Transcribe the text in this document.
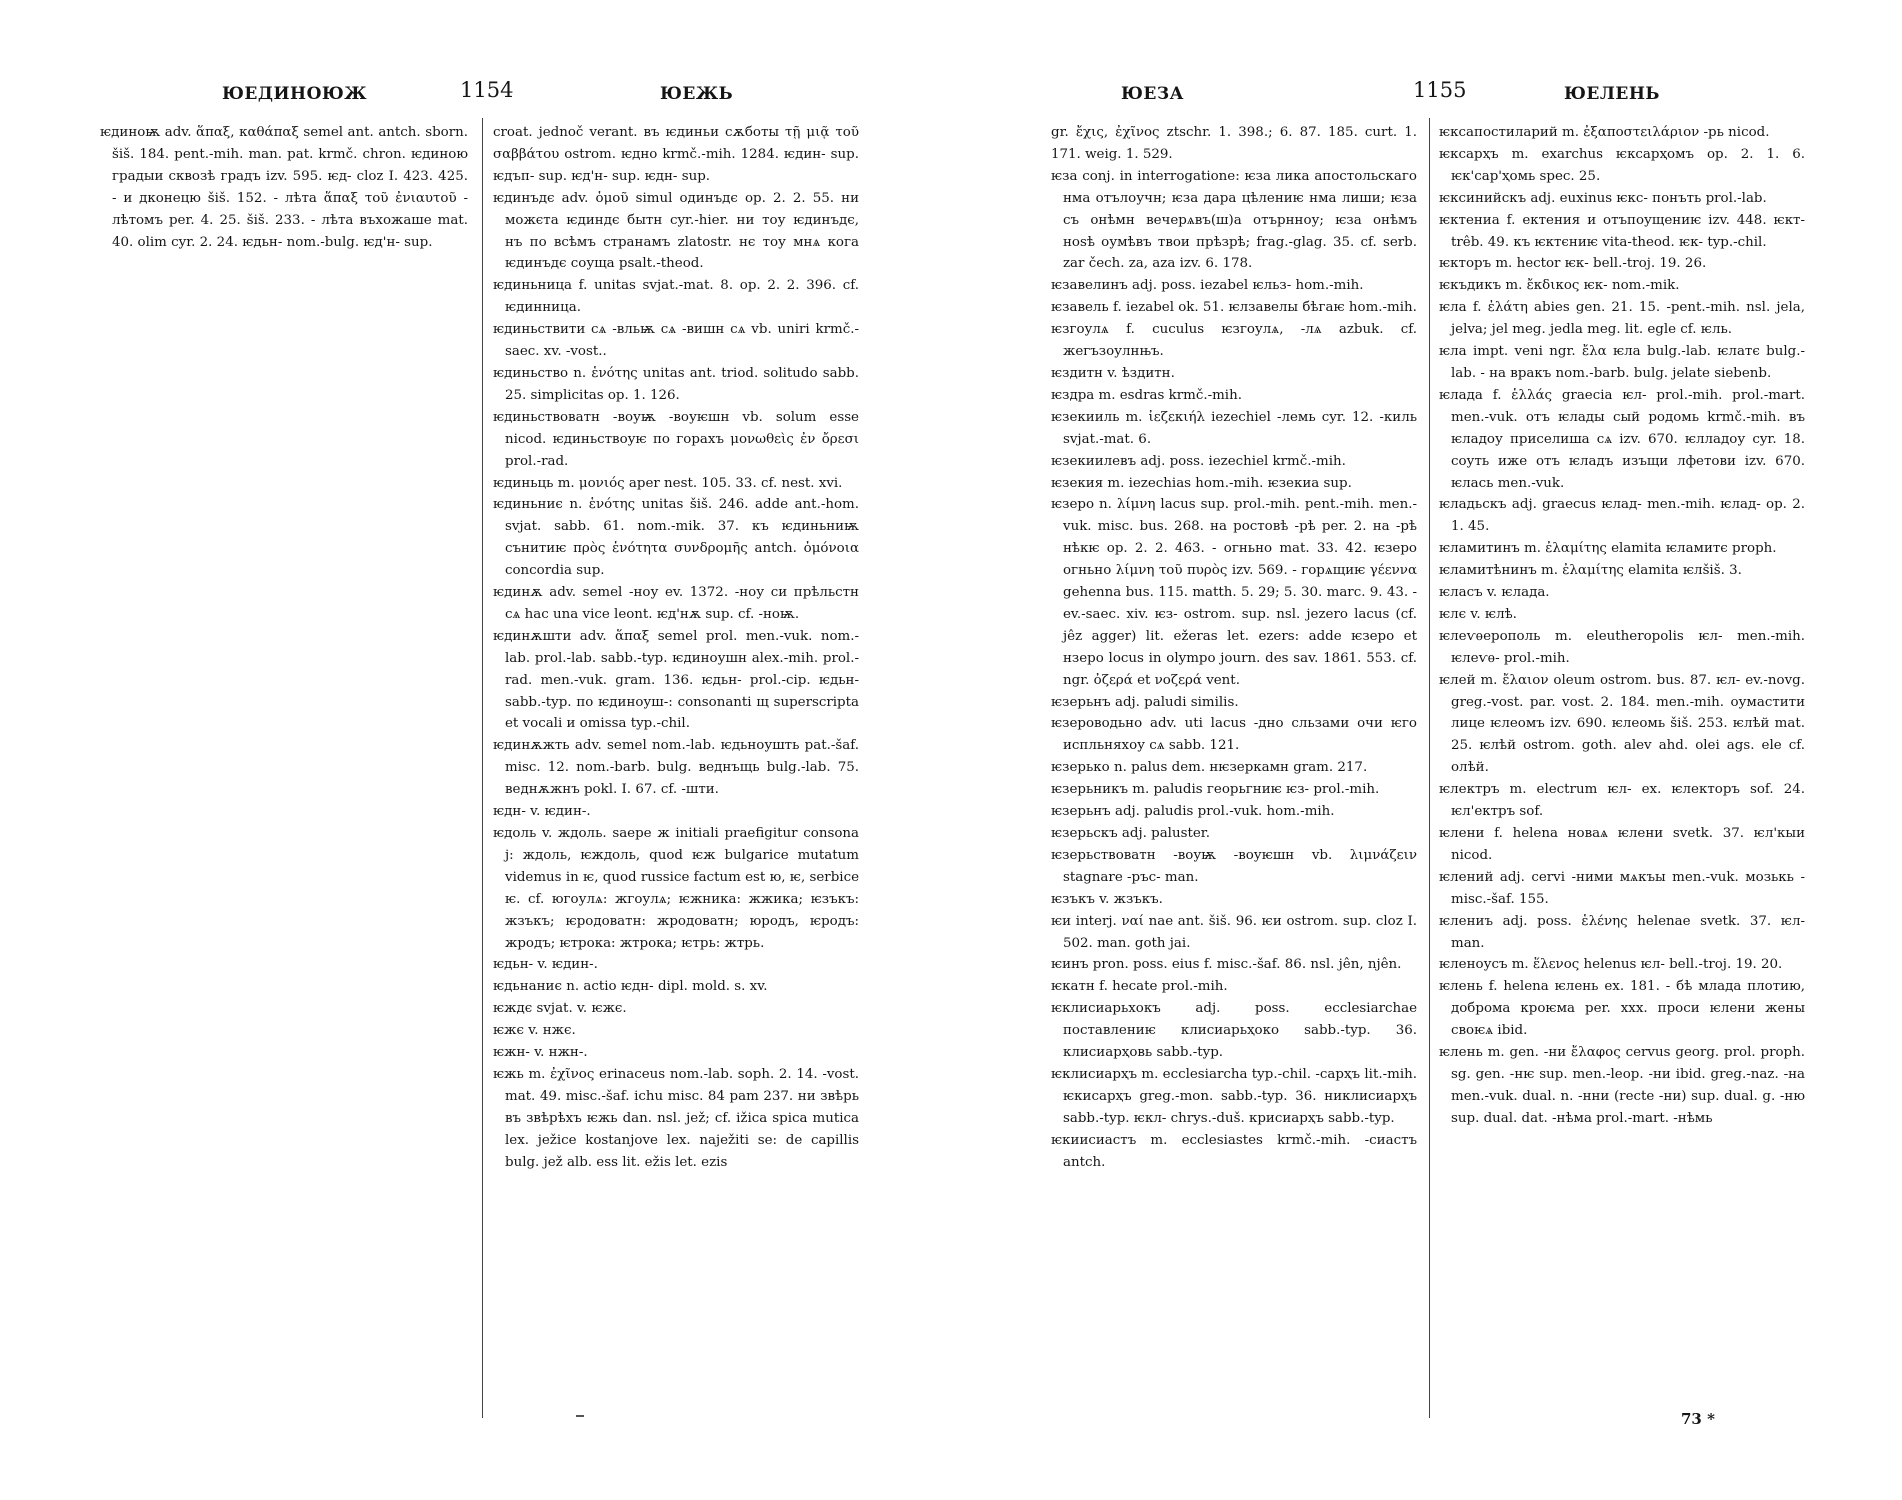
ЮЕДИНОЮЖ	1154	ЮЕЖЬ

ѥдиноѭ adv. ἅπαξ, καθάπαξ semel ant. antch. sborn. šiš. 184. pent.-mih. man. pat. krmč. chron. ѥдиною градыи сквозѣ градъ izv. 595. ѥд- cloz I. 423. 425. - и дконецю šiš. 152. - лѣта ἅπαξ τοῦ ἐνιαυτοῦ - лѣтомъ per. 4. 25. šiš. 233. - лѣта въхожаше mat. 40. olim cyr. 2. 24. ѥдьн- nom.-bulg. ѥд'н- sup.

croat. jednoč verant. въ ѥдиньи сѫботы τῇ μιᾷ τοῦ σαββάτου ostrom. ѥдно krmč.-mih. 1284. ѥдин- sup. ѥдъп- sup. ѥд'н- sup. ѥдн- sup.

ѥдинъдє adv. ὁμοῦ simul одинъдє op. 2. 2. 55. ни можєта ѥдиндє бытн cyr.-hier. ни тоу ѥдинъдє, нъ по всѣмъ странамъ zlatostr. нє тоу мнѧ кога ѥдинъдє соуща psalt.-theod.

ѥдиньница f. unitas svjat.-mat. 8. op. 2. 2. 396. cf. ѥдинница.

ѥдиньствити сѧ -вльѭ сѧ -вишн сѧ vb. uniri krmč.-saec. xv. -vost..

ѥдиньство n. ἑνότης unitas ant. triod. solitudo sabb. 25. simplicitas op. 1. 126.

ѥдиньствоватн -воуѭ -воуѥшн vb. solum esse nicod. ѥдиньствоуѥ по горахъ μονωθεὶς ἐν ὄρεσι prol.-rad.

ѥдиньць m. μονιός aper nest. 105. 33. cf. nest. xvi.

ѥдиньниє n. ἑνότης unitas šiš. 246. adde ant.-hom. svjat. sabb. 61. nom.-mik. 37. къ ѥдиньниѭ сънитиѥ πρὸς ἑνότητα συνδρομῆς antch. ὁμόνοια concordia sup.

ѥдинѫ adv. semel -ноу ev. 1372. -ноу си прѣльстн сѧ hac una vice leont. ѥд'нѫ sup. cf. -ноѭ.

ѥдинѫшти adv. ἅπαξ semel prol. men.-vuk. nom.-lab. prol.-lab. sabb.-typ. ѥдиноушн alex.-mih. prol.-rad. men.-vuk. gram. 136. ѥдьн- prol.-cip. ѥдьн- sabb.-typ. по ѥдиноуш-: consonanti щ superscripta et vocali и omissa typ.-chil.

ѥдинѫжть adv. semel nom.-lab. ѥдьноушть pat.-šaf. misc. 12. nom.-barb. bulg. веднъщь bulg.-lab. 75. веднѫжнъ pokl. I. 67. cf. -шти.

ѥдн- v. ѥдин-.

ѥдоль v. ждоль. saepe ж initiali praefigitur consona j: ждоль, ѥждоль, quod ѥж bulgarice mutatum videmus in ѥ, quod russice factum est ю, ѥ, serbice ѥ. cf. югоулѧ: жгоулѧ; ѥжника: жжика; ѥзъкъ: жзъкъ; ѥродоватн: жродоватн; юродъ, ѥродъ: жродъ; ѥтрока: жтрока; ѥтрь: жтрь.

ѥдьн- v. ѥдин-.

ѥдьнаниє n. actio ѥдн- dipl. mold. s. xv.

ѥждє svjat. v. ѥжє.

ѥжє v. нжє.

ѥжн- v. нжн-.

ѥжь m. ἐχῖνος erinaceus nom.-lab. soph. 2. 14. -vost. mat. 49. misc.-šaf. ichu misc. 84 pam 237. ни звѣрь въ звѣрѣхъ ѥжь dan. nsl. jež; cf. ižica spica mutica lex. ježice kostanjove lex. naježiti se: de capillis bulg. jež alb. ess lit. ežis let. ezis

ЮЕЗА	1155	ЮЕЛЕНЬ

gr. ἔχις, ἐχῖνος ztschr. 1. 398.; 6. 87. 185. curt. 1. 171. weig. 1. 529.

ѥза conj. in interrogatione: ѥза лика апостольскаго нма отълоучн; ѥза дара цѣлениѥ нма лиши; ѥза съ онѣмн вечерѧвъ(ш)а отърнноу; ѥза онѣмъ ноѕѣ оумѣвъ твои прѣзрѣ; frag.-glag. 35. cf. serb. zar čech. za, aza izv. 6. 178.

ѥзавелинъ adj. poss. iezabel ѥльз- hom.-mih.

ѥзавель f. iezabel ok. 51. ѥлзавелы бѣгаѥ hom.-mih.

ѥзгоулѧ f. cuculus ѥзгоулѧ, -лѧ azbuk. cf. жегъзоулнњъ.

ѥздитн v. ѣздитн.

ѥздра m. esdras krmč.-mih.

ѥзекииль m. ἰεζεκιήλ iezechiel -лемь cyr. 12. -киль svjat.-mat. 6.

ѥзекиилевъ adj. poss. iezechiel krmč.-mih.

ѥзекия m. iezechias hom.-mih. ѥзекиа sup.

ѥзеро n. λίμνη lacus sup. prol.-mih. pent.-mih. men.-vuk. misc. bus. 268. на ростовѣ -рѣ per. 2. на -рѣ нѣкѥ op. 2. 2. 463. - огньно mat. 33. 42. ѥзеро огньно λίμνη τοῦ πυρὸς izv. 569. - горѧщиѥ γέεννα gehenna bus. 115. matth. 5. 29; 5. 30. marc. 9. 43. -ev.-saec. xiv. ѥз- ostrom. sup. nsl. jezero lacus (cf. jêz agger) lit. ežeras let. ezers: adde ѥзеро et нзеро locus in olympo journ. des sav. 1861. 553. cf. ngr. ὀζερά et νοζερά vent.

ѥзерьнъ adj. paludi similis.

ѥзероводьно adv. uti lacus -дно сльзами очи ѥго испльняхоу сѧ sabb. 121.

ѥзерько n. palus dem. нѥзеркамн gram. 217.

ѥзерьникъ m. paludis георьгниѥ ѥз- prol.-mih.

ѥзерьнъ adj. paludis prol.-vuk. hom.-mih.

ѥзерьскъ adj. paluster.

ѥзерьствоватн -воуѭ -воуѥшн vb. λιμνάζειν stagnare -ръс- man.

ѥзъкъ v. жзъкъ.

ѥи interj. ναί nae ant. šiš. 96. ѥи ostrom. sup. cloz I. 502. man. goth jai.

ѥинъ pron. poss. eius f. misc.-šaf. 86. nsl. jên, njên.

ѥкатн f. hecate prol.-mih.

ѥклисиарьхокъ adj. poss. ecclesiarchae поставлениѥ клисиарьҳоко sabb.-typ. 36. клисиарҳовь sabb.-typ.

ѥклисиарҳъ m. ecclesiarcha typ.-chil. -сарҳъ lit.-mih. ѥкисарҳъ greg.-mon. sabb.-typ. 36. никлисиарҳъ sabb.-typ. ѥкл- chrys.-duš. крисиарҳъ sabb.-typ.

ѥкиисиастъ m. ecclesiastes krmč.-mih. -сиастъ antch.

ѥксапостиларий m. ἐξαποστειλάριον -рь nicod.

ѥксарҳъ m. exarchus ѥксарҳомъ op. 2. 1. 6. ѥк'сар'ҳомь spec. 25.

ѥксинийскъ adj. euxinus ѥкс- понъть prol.-lab.

ѥктениа f. ектения и отъпоущениѥ izv. 448. ѥкт- trêb. 49. къ ѥктєниѥ vita-theod. ѥк- typ.-chil.

ѥкторъ m. hector ѥк- bell.-troj. 19. 26.

ѥкъдикъ m. ἔκδικος ѥк- nom.-mik.

ѥла f. ἐλάτη abies gen. 21. 15. -pent.-mih. nsl. jela, jelva; jel meg. jedla meg. lit. egle cf. ѥль.

ѥла impt. veni ngr. ἔλα ѥла bulg.-lab. ѥлатє bulg.-lab. - на вракъ nom.-barb. bulg. jelate siebenb.

ѥлада f. ἑλλάς graecia ѥл- prol.-mih. prol.-mart. men.-vuk. отъ ѥлады сый родомь krmč.-mih. въ ѥладоу приселиша сѧ izv. 670. ѥлладоу cyr. 18. соуть иже отъ ѥладъ изъщи лфетови izv. 670. ѥлась men.-vuk.

ѥладьскъ adj. graecus ѥлад- men.-mih. ѥлад- op. 2. 1. 45.

ѥламитинъ m. ἐλαμίτης elamita ѥламитє proph.

ѥламитѣнинъ m. ἐλαμίτης elamita ѥлšiš. 3.

ѥласъ v. ѥлада.

ѥлє v. ѥлѣ.

ѥлеѵѳерополь m. eleutheropolis ѥл- men.-mih. ѥлеѵѳ- prol.-mih.

ѥлей m. ἔλαιον oleum ostrom. bus. 87. ѥл- ev.-novg. greg.-vost. par. vost. 2. 184. men.-mih. оумастити лице ѥлеомъ izv. 690. ѥлеомь šiš. 253. ѥлѣй mat. 25. ѥлѣй ostrom. goth. alev ahd. olei ags. ele cf. олѣй.

ѥлектръ m. electrum ѥл- ex. ѥлекторъ sof. 24. ѥл'ектръ sof.

ѥлени f. helena новаѧ ѥлени svetk. 37. ѥл'кыи nicod.

ѥлений adj. cervi -ними мѧкъы men.-vuk. мозькь - misc.-šaf. 155.

ѥлениъ adj. poss. ἑλένης helenae svetk. 37. ѥл- man.

ѥленоусъ m. ἕλενος helenus ѥл- bell.-troj. 19. 20.

ѥлень f. helena ѥлень ex. 181. - бѣ млада плотию, доброма кроѥма per. xxx. проси ѥлени жены своѥѧ ibid.

ѥлень m. gen. -ни ἔλαφος cervus georg. prol. proph. sg. gen. -нѥ sup. men.-leop. -ни ibid. greg.-naz. -на men.-vuk. dual. n. -нни (recte -ни) sup. dual. g. -ню sup. dual. dat. -нѣма prol.-mart. -нѣмь

73 *
